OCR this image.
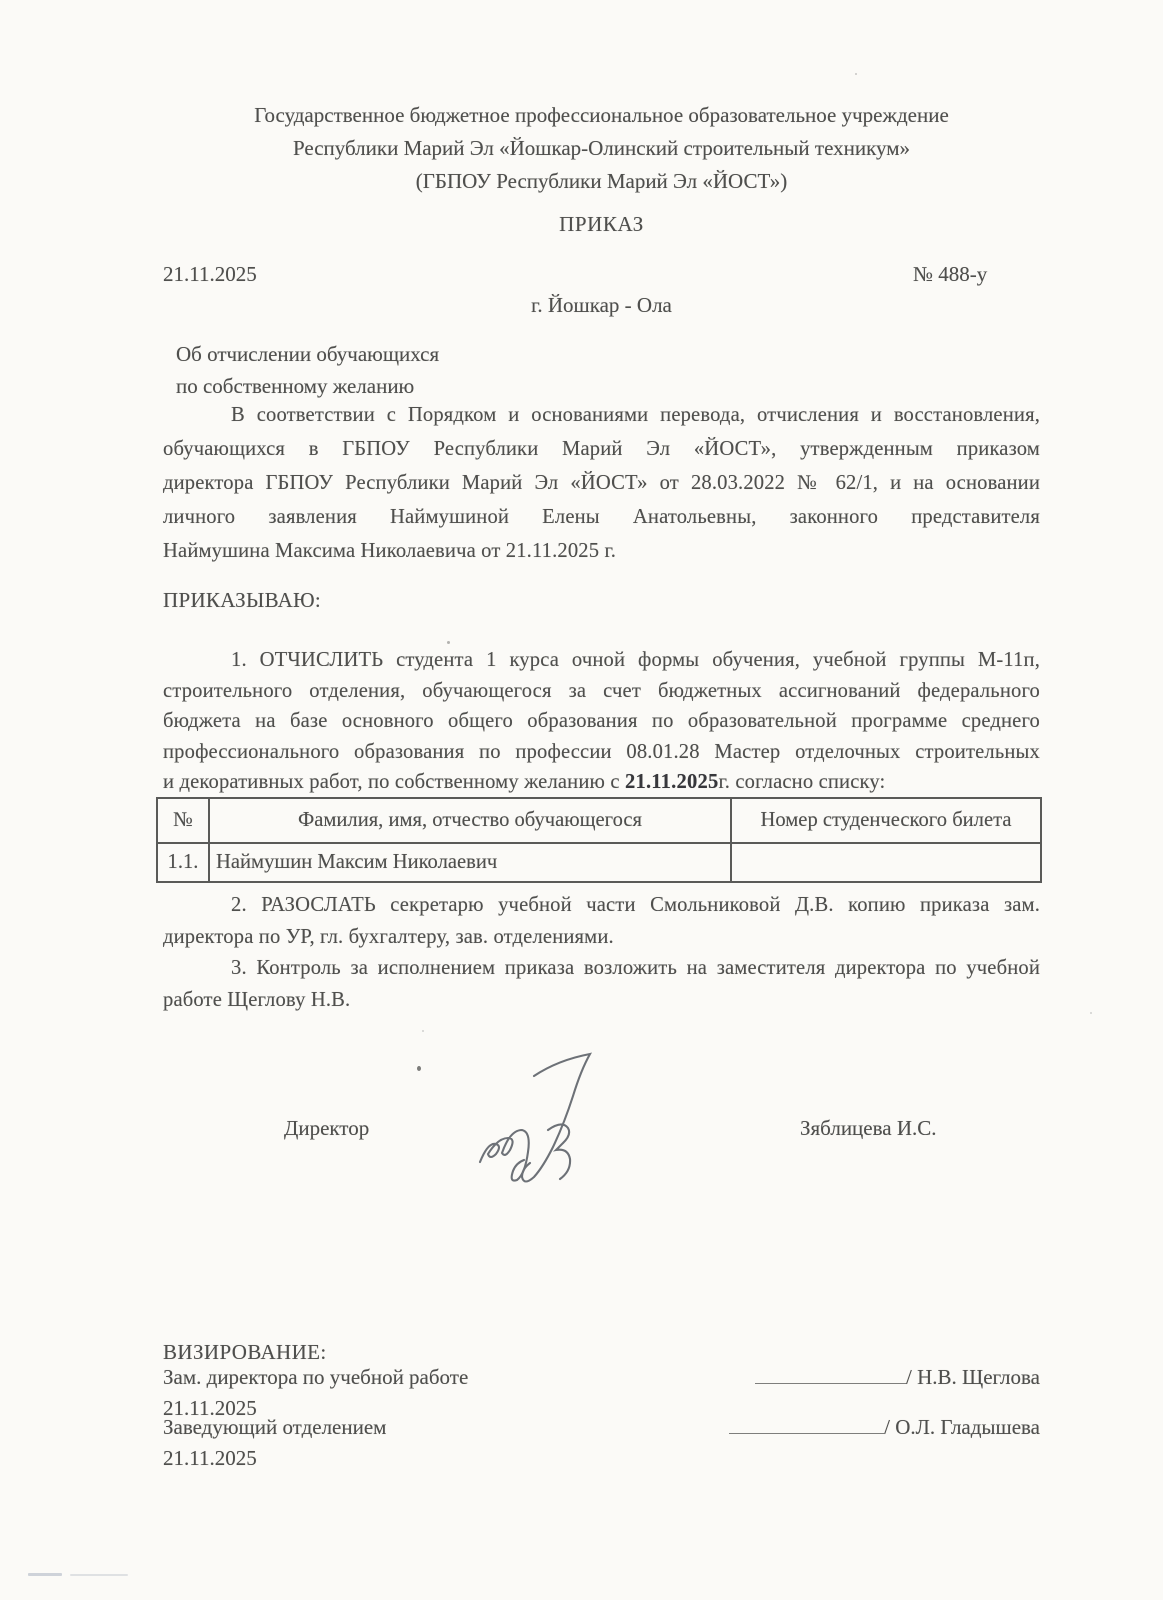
Государственное бюджетное профессиональное образовательное учреждение
Республики Марий Эл «Йошкар-Олинский строительный техникум»
(ГБПОУ Республики Марий Эл «ЙОСТ»)
ПРИКАЗ
21.11.2025	№ 488-у
г. Йошкар - Ола
Об отчислении обучающихся
по собственному желанию
В соответствии с Порядком и основаниями перевода, отчисления и восстановления,
обучающихся в ГБПОУ Республики Марий Эл «ЙОСТ», утвержденным приказом
директора ГБПОУ Республики Марий Эл «ЙОСТ» от 28.03.2022 № 62/1, и на основании
личного заявления Наймушиной Елены Анатольевны, законного представителя
Наймушина Максима Николаевича от 21.11.2025 г.
ПРИКАЗЫВАЮ:
1. ОТЧИСЛИТЬ студента 1 курса очной формы обучения, учебной группы М-11п,
строительного отделения, обучающегося за счет бюджетных ассигнований федерального
бюджета на базе основного общего образования по образовательной программе среднего
профессионального образования по профессии 08.01.28 Мастер отделочных строительных
и декоративных работ, по собственному желанию с 21.11.2025г. согласно списку:
№	Фамилия, имя, отчество обучающегося	Номер студенческого билета
1.1.	Наймушин Максим Николаевич	
2. РАЗОСЛАТЬ секретарю учебной части Смольниковой Д.В. копию приказа зам.
директора по УР, гл. бухгалтеру, зав. отделениями.
3. Контроль за исполнением приказа возложить на заместителя директора по учебной
работе Щеглову Н.В.
Директор	Зяблицева И.С.
ВИЗИРОВАНИЕ:
Зам. директора по учебной работе	/ Н.В. Щеглова
21.11.2025
Заведующий отделением	/ О.Л. Гладышева
21.11.2025
